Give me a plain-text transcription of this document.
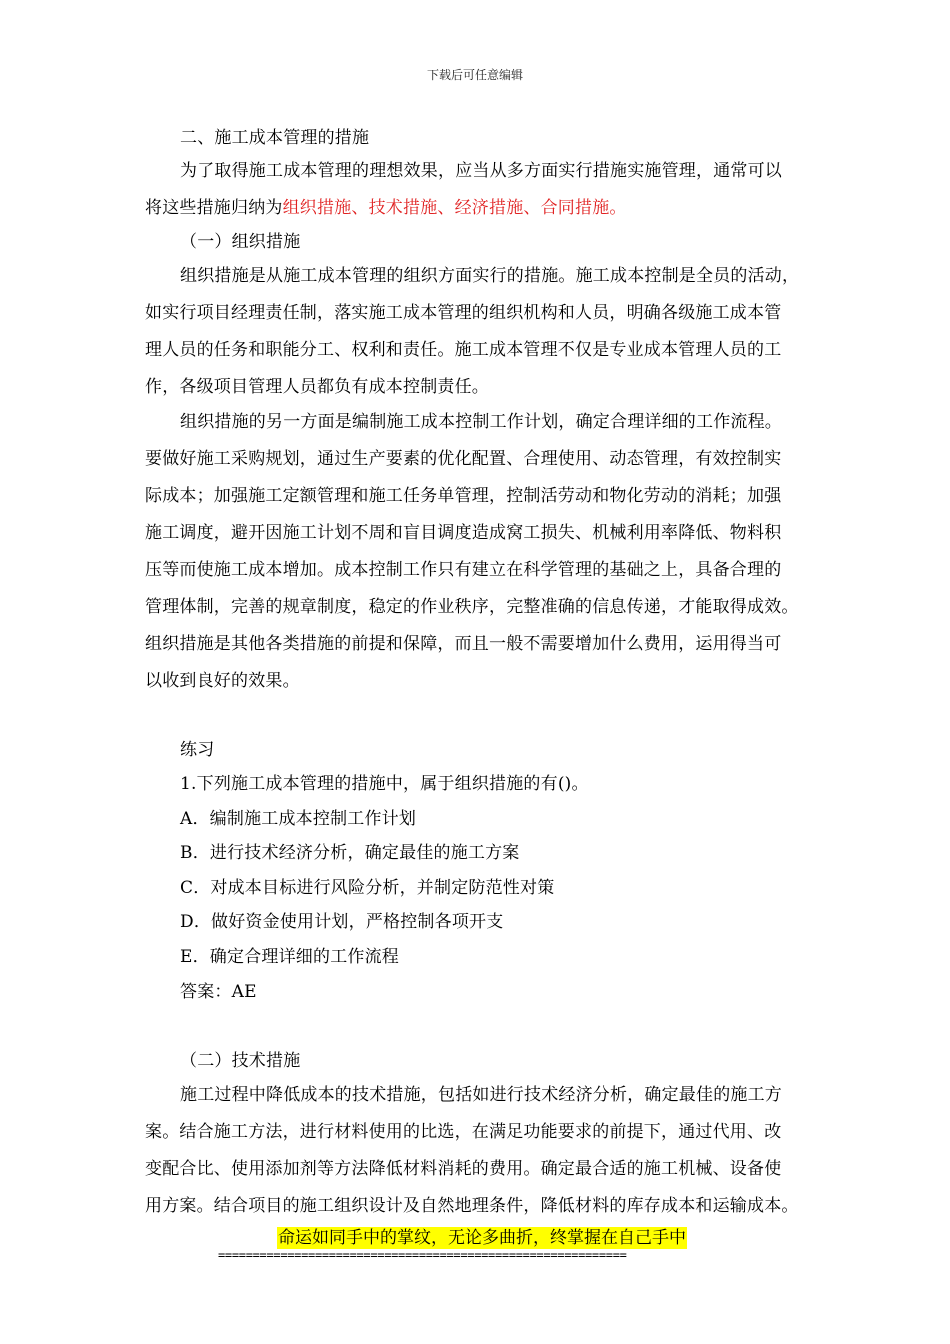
下载后可任意编辑
二、施工成本管理的措施
为了取得施工成本管理的理想效果，应当从多方面实行措施实施管理，通常可以
将这些措施归纳为组织措施、技术措施、经济措施、合同措施。
（一）组织措施
组织措施是从施工成本管理的组织方面实行的措施。施工成本控制是全员的活动，
如实行项目经理责任制，落实施工成本管理的组织机构和人员，明确各级施工成本管
理人员的任务和职能分工、权利和责任。施工成本管理不仅是专业成本管理人员的工
作，各级项目管理人员都负有成本控制责任。
组织措施的另一方面是编制施工成本控制工作计划，确定合理详细的工作流程。
要做好施工采购规划，通过生产要素的优化配置、合理使用、动态管理，有效控制实
际成本；加强施工定额管理和施工任务单管理，控制活劳动和物化劳动的消耗；加强
施工调度，避开因施工计划不周和盲目调度造成窝工损失、机械利用率降低、物料积
压等而使施工成本增加。成本控制工作只有建立在科学管理的基础之上，具备合理的
管理体制，完善的规章制度，稳定的作业秩序，完整准确的信息传递，才能取得成效。
组织措施是其他各类措施的前提和保障，而且一般不需要增加什么费用，运用得当可
以收到良好的效果。
练习
1.下列施工成本管理的措施中，属于组织措施的有()。
A．编制施工成本控制工作计划
B．进行技术经济分析，确定最佳的施工方案
C．对成本目标进行风险分析，并制定防范性对策
D．做好资金使用计划，严格控制各项开支
E．确定合理详细的工作流程
答案：AE
（二）技术措施
施工过程中降低成本的技术措施，包括如进行技术经济分析，确定最佳的施工方
案。结合施工方法，进行材料使用的比选，在满足功能要求的前提下，通过代用、改
变配合比、使用添加剂等方法降低材料消耗的费用。确定最合适的施工机械、设备使
用方案。结合项目的施工组织设计及自然地理条件，降低材料的库存成本和运输成本。
命运如同手中的掌纹，无论多曲折，终掌握在自己手中
===========================================================
